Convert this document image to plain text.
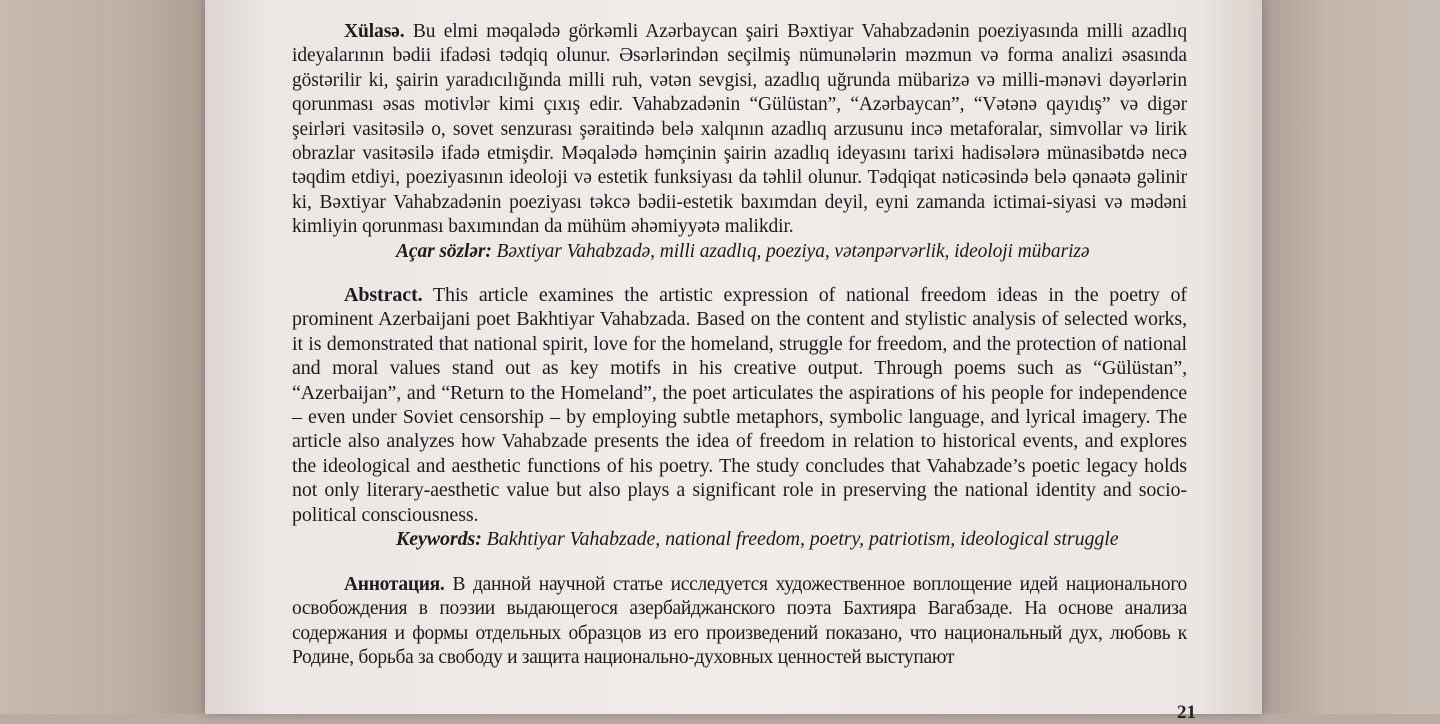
Xülasə. Bu elmi məqalədə görkəmli Azərbaycan şairi Bəxtiyar Vahabzadənin poeziyasında milli azadlıq ideyalarının bədii ifadəsi tədqiq olunur. Əsərlərindən seçilmiş nümunələrin məzmun və forma analizi əsasında göstərilir ki, şairin yaradıcılığında milli ruh, vətən sevgisi, azadlıq uğrunda mübarizə və milli-mənəvi dəyərlərin qorunması əsas motivlər kimi çıxış edir. Vahabzadənin “Gülüstan”, “Azərbaycan”, “Vətənə qayıdış” və digər şeirləri vasitəsilə o, sovet senzurası şəraitində belə xalqının azadlıq arzusunu incə metaforalar, simvollar və lirik obrazlar vasitəsilə ifadə etmişdir. Məqalədə həmçinin şairin azadlıq ideyasını tarixi hadisələrə münasibətdə necə təqdim etdiyi, poeziyasının ideoloji və estetik funksiyası da təhlil olunur. Tədqiqat nəticəsində belə qənaətə gəlinir ki, Bəxtiyar Vahabzadənin poeziyası təkcə bədii-estetik baxımdan deyil, eyni zamanda ictimai-siyasi və mədəni kimliyin qorunması baxımından da mühüm əhəmiyyətə malikdir.

Açar sözlər: Bəxtiyar Vahabzadə, milli azadlıq, poeziya, vətənpərvərlik, ideoloji mübarizə

Abstract. This article examines the artistic expression of national freedom ideas in the poetry of prominent Azerbaijani poet Bakhtiyar Vahabzada. Based on the content and stylistic analysis of selected works, it is demonstrated that national spirit, love for the homeland, struggle for freedom, and the protection of national and moral values stand out as key motifs in his creative output. Through poems such as “Gülüstan”, “Azerbaijan”, and “Return to the Homeland”, the poet articulates the aspirations of his people for independence – even under Soviet censorship – by employing subtle metaphors, symbolic language, and lyrical imagery. The article also analyzes how Vahabzade presents the idea of freedom in relation to historical events, and explores the ideological and aesthetic functions of his poetry. The study concludes that Vahabzade’s poetic legacy holds not only literary-aesthetic value but also plays a significant role in preserving the national identity and socio-political consciousness.

Keywords: Bakhtiyar Vahabzade, national freedom, poetry, patriotism, ideological struggle

Аннотация. В данной научной статье исследуется художественное воплощение идей национального освобождения в поэзии выдающегося азербайджанского поэта Бахтияра Вагабзаде. На основе анализа содержания и формы отдельных образцов из его произведений показано, что национальный дух, любовь к Родине, борьба за свободу и защита национально-духовных ценностей выступают

21
